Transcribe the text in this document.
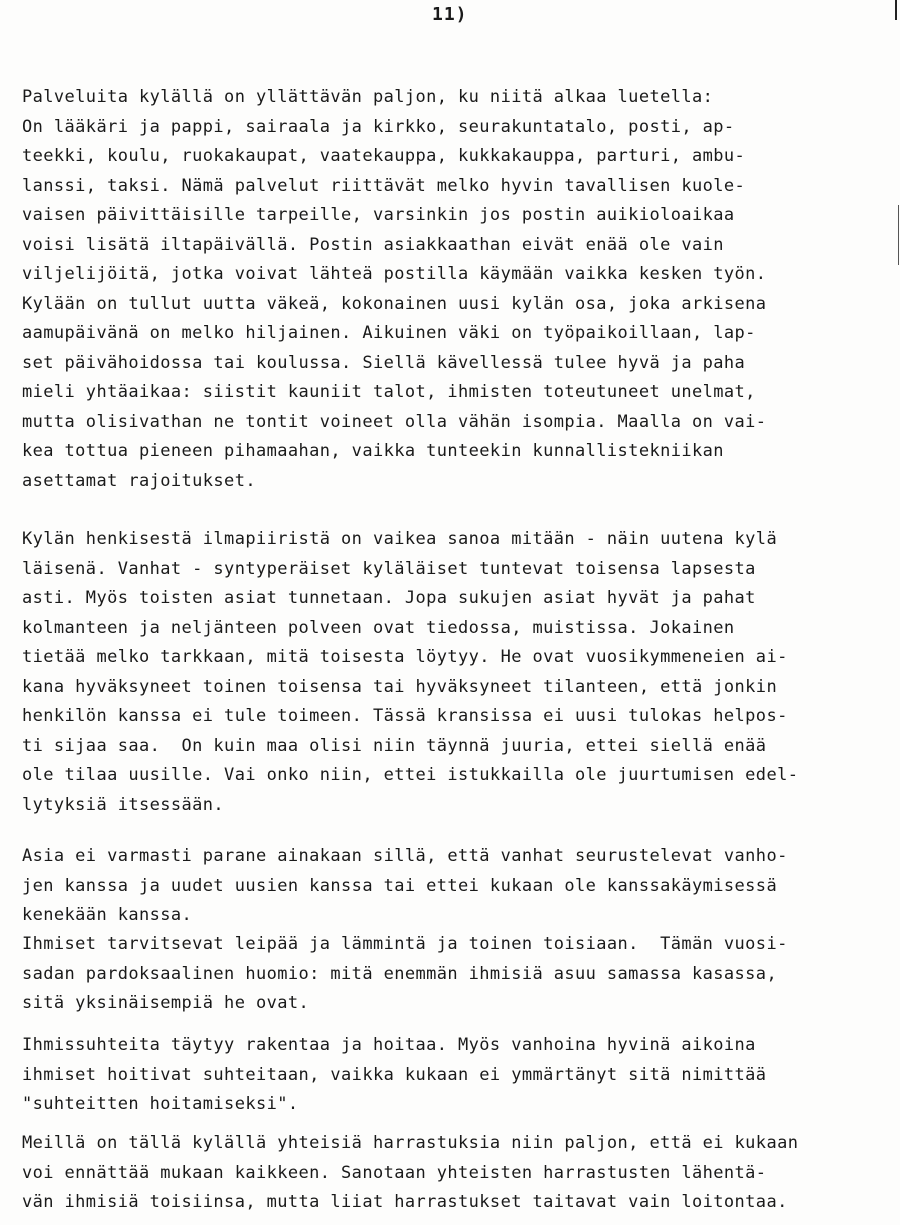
11)
Palveluita kylällä on yllättävän paljon, ku niitä alkaa luetella:
On lääkäri ja pappi, sairaala ja kirkko, seurakuntatalo, posti, ap-
teekki, koulu, ruokakaupat, vaatekauppa, kukkakauppa, parturi, ambu-
lanssi, taksi. Nämä palvelut riittävät melko hyvin tavallisen kuole-
vaisen päivittäisille tarpeille, varsinkin jos postin auikioloaikaa
voisi lisätä iltapäivällä. Postin asiakkaathan eivät enää ole vain
viljelijöitä, jotka voivat lähteä postilla käymään vaikka kesken työn.
Kylään on tullut uutta väkeä, kokonainen uusi kylän osa, joka arkisena
aamupäivänä on melko hiljainen. Aikuinen väki on työpaikoillaan, lap-
set päivähoidossa tai koulussa. Siellä kävellessä tulee hyvä ja paha
mieli yhtäaikaa: siistit kauniit talot, ihmisten toteutuneet unelmat,
mutta olisivathan ne tontit voineet olla vähän isompia. Maalla on vai-
kea tottua pieneen pihamaahan, vaikka tunteekin kunnallistekniikan
asettamat rajoitukset.
Kylän henkisestä ilmapiiristä on vaikea sanoa mitään - näin uutena kylä
läisenä. Vanhat - syntyperäiset kyläläiset tuntevat toisensa lapsesta
asti. Myös toisten asiat tunnetaan. Jopa sukujen asiat hyvät ja pahat
kolmanteen ja neljänteen polveen ovat tiedossa, muistissa. Jokainen
tietää melko tarkkaan, mitä toisesta löytyy. He ovat vuosikymmeneien ai-
kana hyväksyneet toinen toisensa tai hyväksyneet tilanteen, että jonkin
henkilön kanssa ei tule toimeen. Tässä kransissa ei uusi tulokas helpos-
ti sijaa saa.  On kuin maa olisi niin täynnä juuria, ettei siellä enää
ole tilaa uusille. Vai onko niin, ettei istukkailla ole juurtumisen edel-
lytyksiä itsessään.
Asia ei varmasti parane ainakaan sillä, että vanhat seurustelevat vanho-
jen kanssa ja uudet uusien kanssa tai ettei kukaan ole kanssakäymisessä
kenekään kanssa.
Ihmiset tarvitsevat leipää ja lämmintä ja toinen toisiaan.  Tämän vuosi-
sadan pardoksaalinen huomio: mitä enemmän ihmisiä asuu samassa kasassa,
sitä yksinäisempiä he ovat.
Ihmissuhteita täytyy rakentaa ja hoitaa. Myös vanhoina hyvinä aikoina
ihmiset hoitivat suhteitaan, vaikka kukaan ei ymmärtänyt sitä nimittää
"suhteitten hoitamiseksi".
Meillä on tällä kylällä yhteisiä harrastuksia niin paljon, että ei kukaan
voi ennättää mukaan kaikkeen. Sanotaan yhteisten harrastusten lähentä-
vän ihmisiä toisiinsa, mutta liiat harrastukset taitavat vain loitontaa.
